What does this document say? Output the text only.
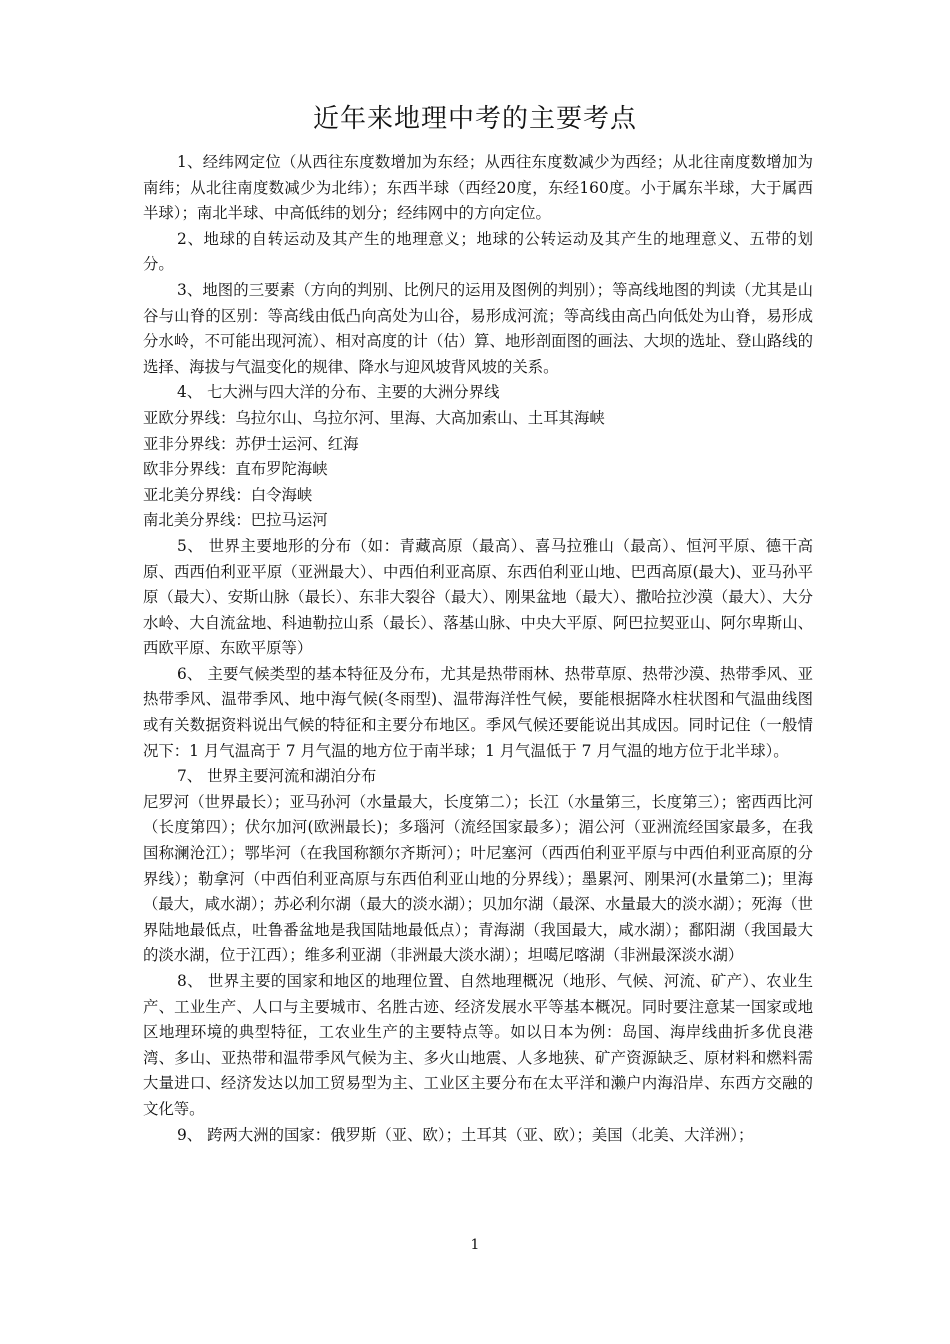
近年来地理中考的主要考点

1、经纬网定位（从西往东度数增加为东经；从西往东度数减少为西经；从北往南度数增加为南纬；从北往南度数减少为北纬）；东西半球（西经20度，东经160度。小于属东半球，大于属西半球）；南北半球、中高低纬的划分；经纬网中的方向定位。

2、地球的自转运动及其产生的地理意义；地球的公转运动及其产生的地理意义、五带的划分。

3、地图的三要素（方向的判别、比例尺的运用及图例的判别）；等高线地图的判读（尤其是山谷与山脊的区别：等高线由低凸向高处为山谷，易形成河流；等高线由高凸向低处为山脊，易形成分水岭，不可能出现河流）、相对高度的计（估）算、地形剖面图的画法、大坝的选址、登山路线的选择、海拔与气温变化的规律、降水与迎风坡背风坡的关系。

4、 七大洲与四大洋的分布、主要的大洲分界线

亚欧分界线：乌拉尔山、乌拉尔河、里海、大高加索山、土耳其海峡

亚非分界线：苏伊士运河、红海

欧非分界线：直布罗陀海峡

亚北美分界线：白令海峡

南北美分界线：巴拉马运河

5、 世界主要地形的分布（如：青藏高原（最高）、喜马拉雅山（最高）、恒河平原、德干高原、西西伯利亚平原（亚洲最大）、中西伯利亚高原、东西伯利亚山地、巴西高原(最大)、亚马孙平原（最大）、安斯山脉（最长）、东非大裂谷（最大）、刚果盆地（最大）、撒哈拉沙漠（最大）、大分水岭、大自流盆地、科迪勒拉山系（最长）、落基山脉、中央大平原、阿巴拉契亚山、阿尔卑斯山、西欧平原、东欧平原等）

6、 主要气候类型的基本特征及分布，尤其是热带雨林、热带草原、热带沙漠、热带季风、亚热带季风、温带季风、地中海气候(冬雨型)、温带海洋性气候，要能根据降水柱状图和气温曲线图或有关数据资料说出气候的特征和主要分布地区。季风气候还要能说出其成因。同时记住（一般情况下：1 月气温高于 7 月气温的地方位于南半球；1 月气温低于 7 月气温的地方位于北半球）。

7、 世界主要河流和湖泊分布

尼罗河（世界最长）；亚马孙河（水量最大，长度第二）；长江（水量第三，长度第三）；密西西比河（长度第四）；伏尔加河(欧洲最长)；多瑙河（流经国家最多）；湄公河（亚洲流经国家最多，在我国称澜沧江）；鄂毕河（在我国称额尔齐斯河）；叶尼塞河（西西伯利亚平原与中西伯利亚高原的分界线）；勒拿河（中西伯利亚高原与东西伯利亚山地的分界线）；墨累河、刚果河(水量第二)；里海（最大，咸水湖）；苏必利尔湖（最大的淡水湖）；贝加尔湖（最深、水量最大的淡水湖）；死海（世界陆地最低点，吐鲁番盆地是我国陆地最低点）；青海湖（我国最大，咸水湖）；鄱阳湖（我国最大的淡水湖，位于江西）；维多利亚湖（非洲最大淡水湖）；坦噶尼喀湖（非洲最深淡水湖）

8、 世界主要的国家和地区的地理位置、自然地理概况（地形、气候、河流、矿产）、农业生产、工业生产、人口与主要城市、名胜古迹、经济发展水平等基本概况。同时要注意某一国家或地区地理环境的典型特征，工农业生产的主要特点等。如以日本为例：岛国、海岸线曲折多优良港湾、多山、亚热带和温带季风气候为主、多火山地震、人多地狭、矿产资源缺乏、原材料和燃料需大量进口、经济发达以加工贸易型为主、工业区主要分布在太平洋和濑户内海沿岸、东西方交融的文化等。

9、 跨两大洲的国家：俄罗斯（亚、欧）；土耳其（亚、欧）；美国（北美、大洋洲）；

1
